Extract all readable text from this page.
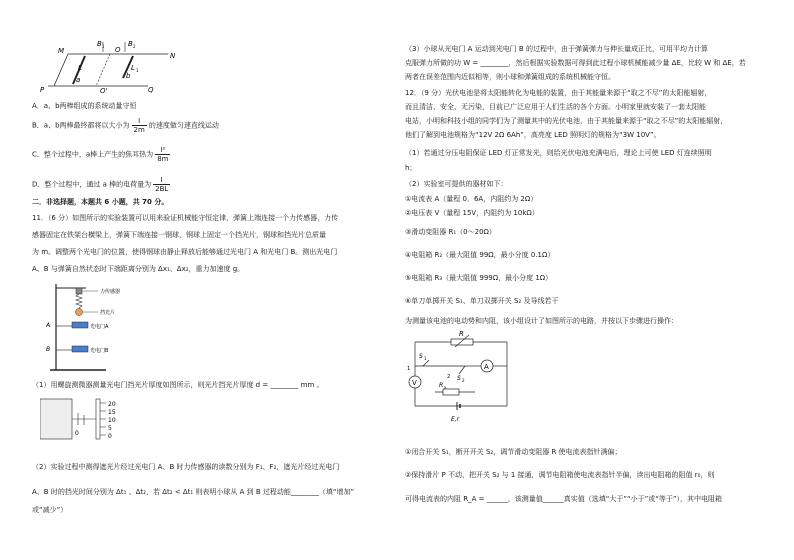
M
B 1 O
B 2
N
P	Q
O'
L	L 1
a	b
A．a、b两棒组成的系统动量守恒
B．a、b两棒最终都将以大小为 $\frac{I}{2m}$ 的速度做匀速直线运动
C．整个过程中，a棒上产生的焦耳热为 $\frac{\text{I²}}{8m}$
D．整个过程中，通过 a 棒的电荷量为 $\frac{I}{2BL}$
二．非选择题，本题共 6 小题，共 70 分。
11．（6 分）如图所示的实验装置可以用来验证机械能守恒定律，弹簧上端连接一个力传感器，力传
感器固定在铁架台横梁上，弹簧下端连接一钢球，钢球上固定一个挡光片，钢球和挡光片总质量
为 m。调整两个光电门的位置，使得钢球由静止释放后能够通过光电门 A 和光电门 B。测出光电门
A、B 与弹簧自然状态时下端距离分别为 Δx₁、Δx₂，重力加速度 g。
力传感器
挡光片
光电门A
光电门B
A
B
（1）用螺旋测微器测量光电门挡光片厚度如图所示，则光片挡光片厚度 d = ________ mm 。
20
15
10
5
0
0
（2）实验过程中测得遮光片经过光电门 A、B 时力传感器的读数分别为 F₁、F₂，遮光片经过光电门
A、B 时的挡光时间分别为 Δt₁ 、Δt₂，若 Δt₂ < Δt₁ 则表明小球从 A 到 B 过程动能________（填“增加”
或“减少”）
（3）小球从光电门 A 运动到光电门 B 的过程中，由于弹簧弹力与伸长量成正比，可用平均力计算
克服弹力所做的功 W = ________，然后根据实验数据可得到此过程小球机械能减少量 ΔE，比较 W 和 ΔE，若
两者在误差范围内近似相等，则小球和弹簧组成的系统机械能守恒。
12．（9 分）光伏电池是将太阳能转化为电能的装置，由于其能量来源于“取之不尽”的太阳能辐射，
而且清洁、安全、无污染，目前已广泛应用于人们生活的各个方面。小明家里就安装了一套太阳能
电站，小明和科技小组的同学们为了测量其中的光伏电池，由于其能量来源于“取之不尽”的太阳能辐射，
他们了解到电池规格为“12V 2Ω 6Ah”，高亮度 LED 照明灯的规格为“3W 10V”。
（1）若通过分压电阻保证 LED 灯正常发光，则给光伏电池充满电后，理论上可使 LED 灯连续照明
h；
（2）实验室可提供的器材如下：
①电流表 A（量程 0．6A，内阻约为 2Ω）
②电压表 V（量程 15V，内阻约为 10kΩ）
③滑动变阻器 R₁（0～20Ω）
④电阻箱 R₂（最大阻值 99Ω，最小分度 0.1Ω）
⑤电阻箱 R₃（最大阻值 999Ω，最小分度 1Ω）
⑥单刀单掷开关 S₁、单刀双掷开关 S₂ 及导线若干
为测量该电池的电动势和内阻，该小组设计了如图所示的电路，并按以下步骤进行操作：
R
S 1
1	A
S 2
2
V	R x
E,r
①闭合开关 S₁，断开开关 S₂，调节滑动变阻器 R 使电流表指针满偏；
②保持滑片 P 不动，把开关 S₂ 与 1 接通，调节电阻箱使电流表指针半偏，读出电阻箱的阻值 r₀，则
可得电流表的内阻 R_A = ______，该测量值______真实值（选填“大于”“小于”或“等于”），其中电阻箱
